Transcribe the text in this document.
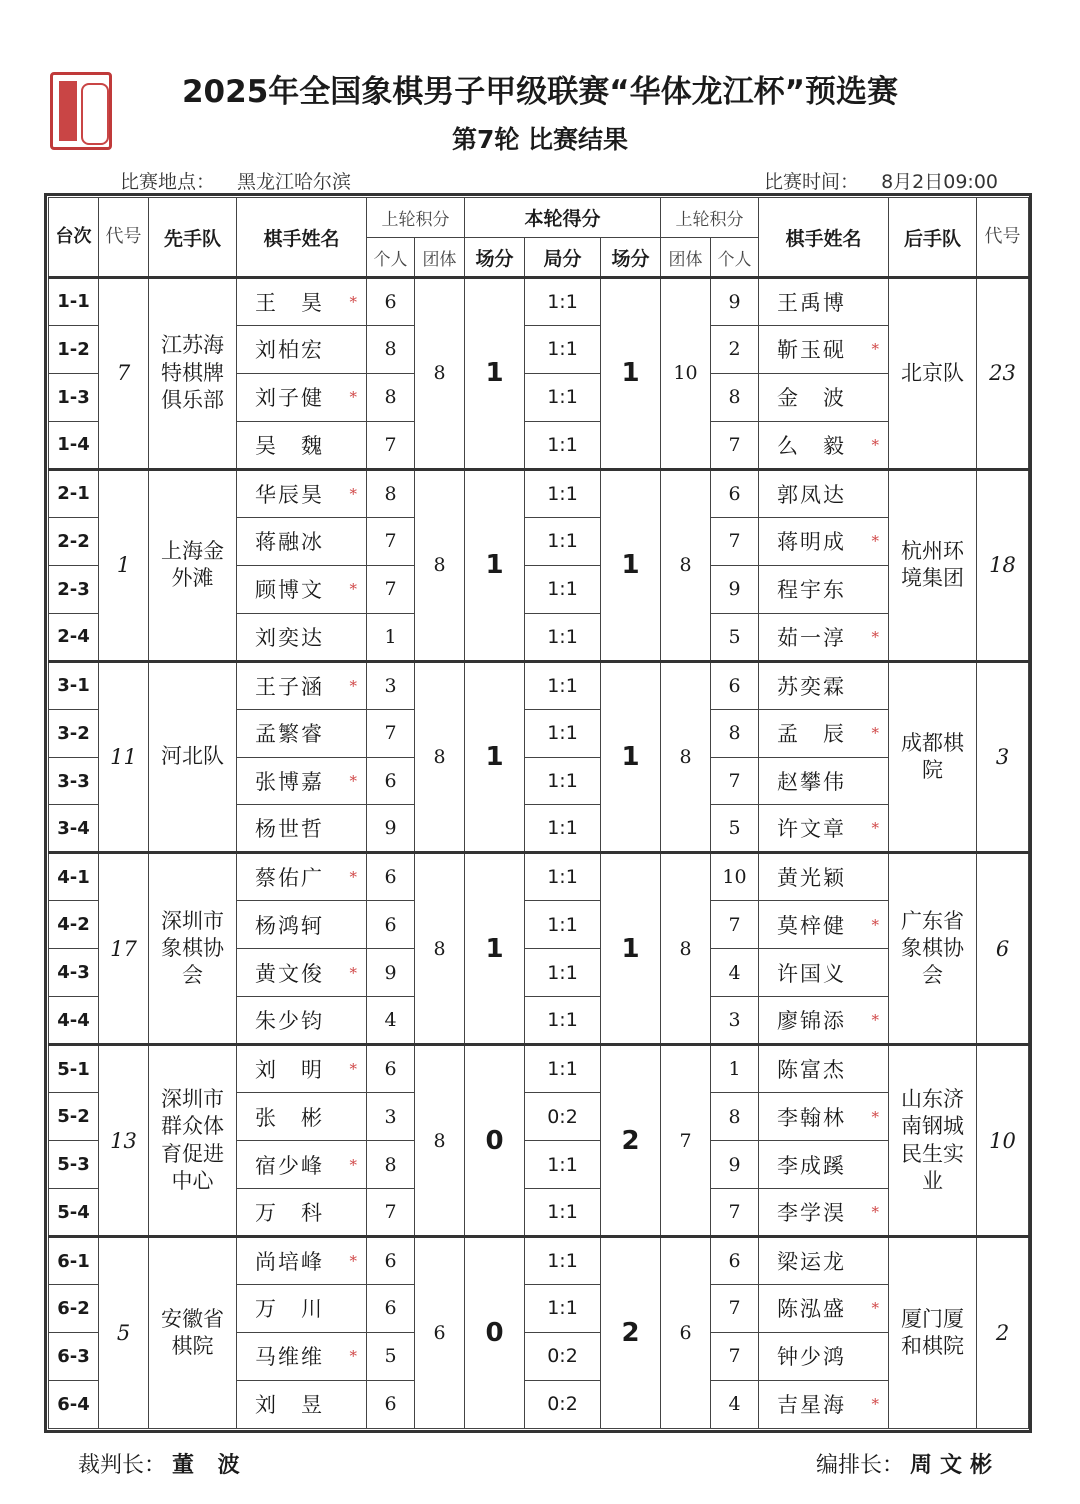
2025年全国象棋男子甲级联赛“华体龙江杯”预选赛
第7轮 比赛结果
比赛地点： 黑龙江哈尔滨	比赛时间： 8月2日09:00
台次	代号	先手队	棋手姓名	上轮积分		本轮得分			上轮积分		棋手姓名	后手队	代号
				个人	团体	场分	局分	场分	团体	个人			
1-1	7	江苏海特棋牌俱乐部	王　昊 *	6	8	1	1:1	1	10	9	王禹博	北京队	23
1-2			刘柏宏	8			1:1			2	靳玉砚 *		

1-3			刘子健 *	8			1:1			8	金　波		

1-4			吴　魏	7			1:1			7	么　毅 *		

2-1	1	上海金外滩	华辰昊 *	8	8	1	1:1	1	8	6	郭凤达	杭州环境集团	18
2-2			蒋融冰	7			1:1			7	蒋明成 *		

2-3			顾博文 *	7			1:1			9	程宇东		

2-4			刘奕达	1			1:1			5	茹一淳 *		

3-1	11	河北队	王子涵 *	3	8	1	1:1	1	8	6	苏奕霖	成都棋院	3
3-2			孟繁睿	7			1:1			8	孟　辰 *		

3-3			张博嘉 *	6			1:1			7	赵攀伟		

3-4			杨世哲	9			1:1			5	许文章 *		

4-1	17	深圳市象棋协会	蔡佑广 *	6	8	1	1:1	1	8	10	黄光颖	广东省象棋协会	6
4-2			杨鸿轲	6			1:1			7	莫梓健 *		

4-3			黄文俊 *	9			1:1			4	许国义		

4-4			朱少钧	4			1:1			3	廖锦添 *		

5-1	13	深圳市群众体育促进中心	刘　明 *	6	8	0	1:1	2	7	1	陈富杰	山东济南钢城民生实业	10
5-2			张　彬	3			0:2			8	李翰林 *		

5-3			宿少峰 *	8			1:1			9	李成蹊		

5-4			万　科	7			1:1			7	李学淏 *		

6-1	5	安徽省棋院	尚培峰 *	6	6	0	1:1	2	6	6	梁运龙	厦门厦和棋院	2
6-2			万　川	6			1:1			7	陈泓盛 *		

6-3			马维维 *	5			0:2			7	钟少鸿		

6-4			刘　昱	6			0:2			4	吉星海 *		
裁判长： 董 波	编排长： 周文彬
